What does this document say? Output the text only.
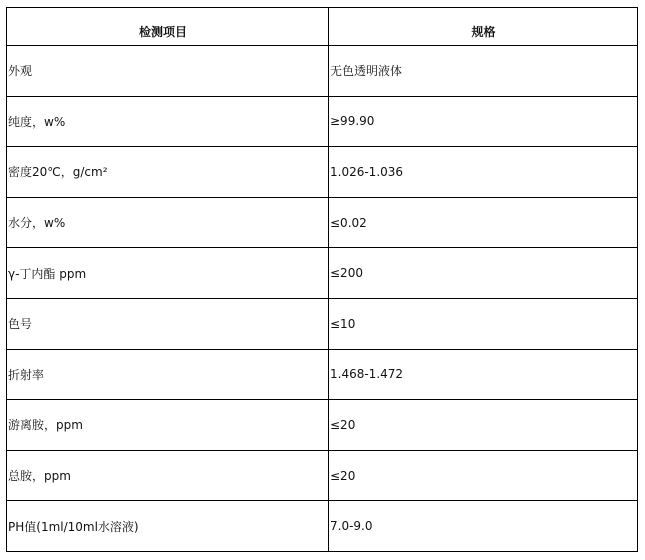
检测项目	规格
外观	无色透明液体
纯度，w%	≥99.90
密度20℃，g/cm²	1.026-1.036
水分，w%	≤0.02
γ-丁内酯 ppm	≤200
色号	≤10
折射率	1.468-1.472
游离胺，ppm	≤20
总胺，ppm	≤20
PH值(1ml/10ml水溶液)	7.0-9.0
